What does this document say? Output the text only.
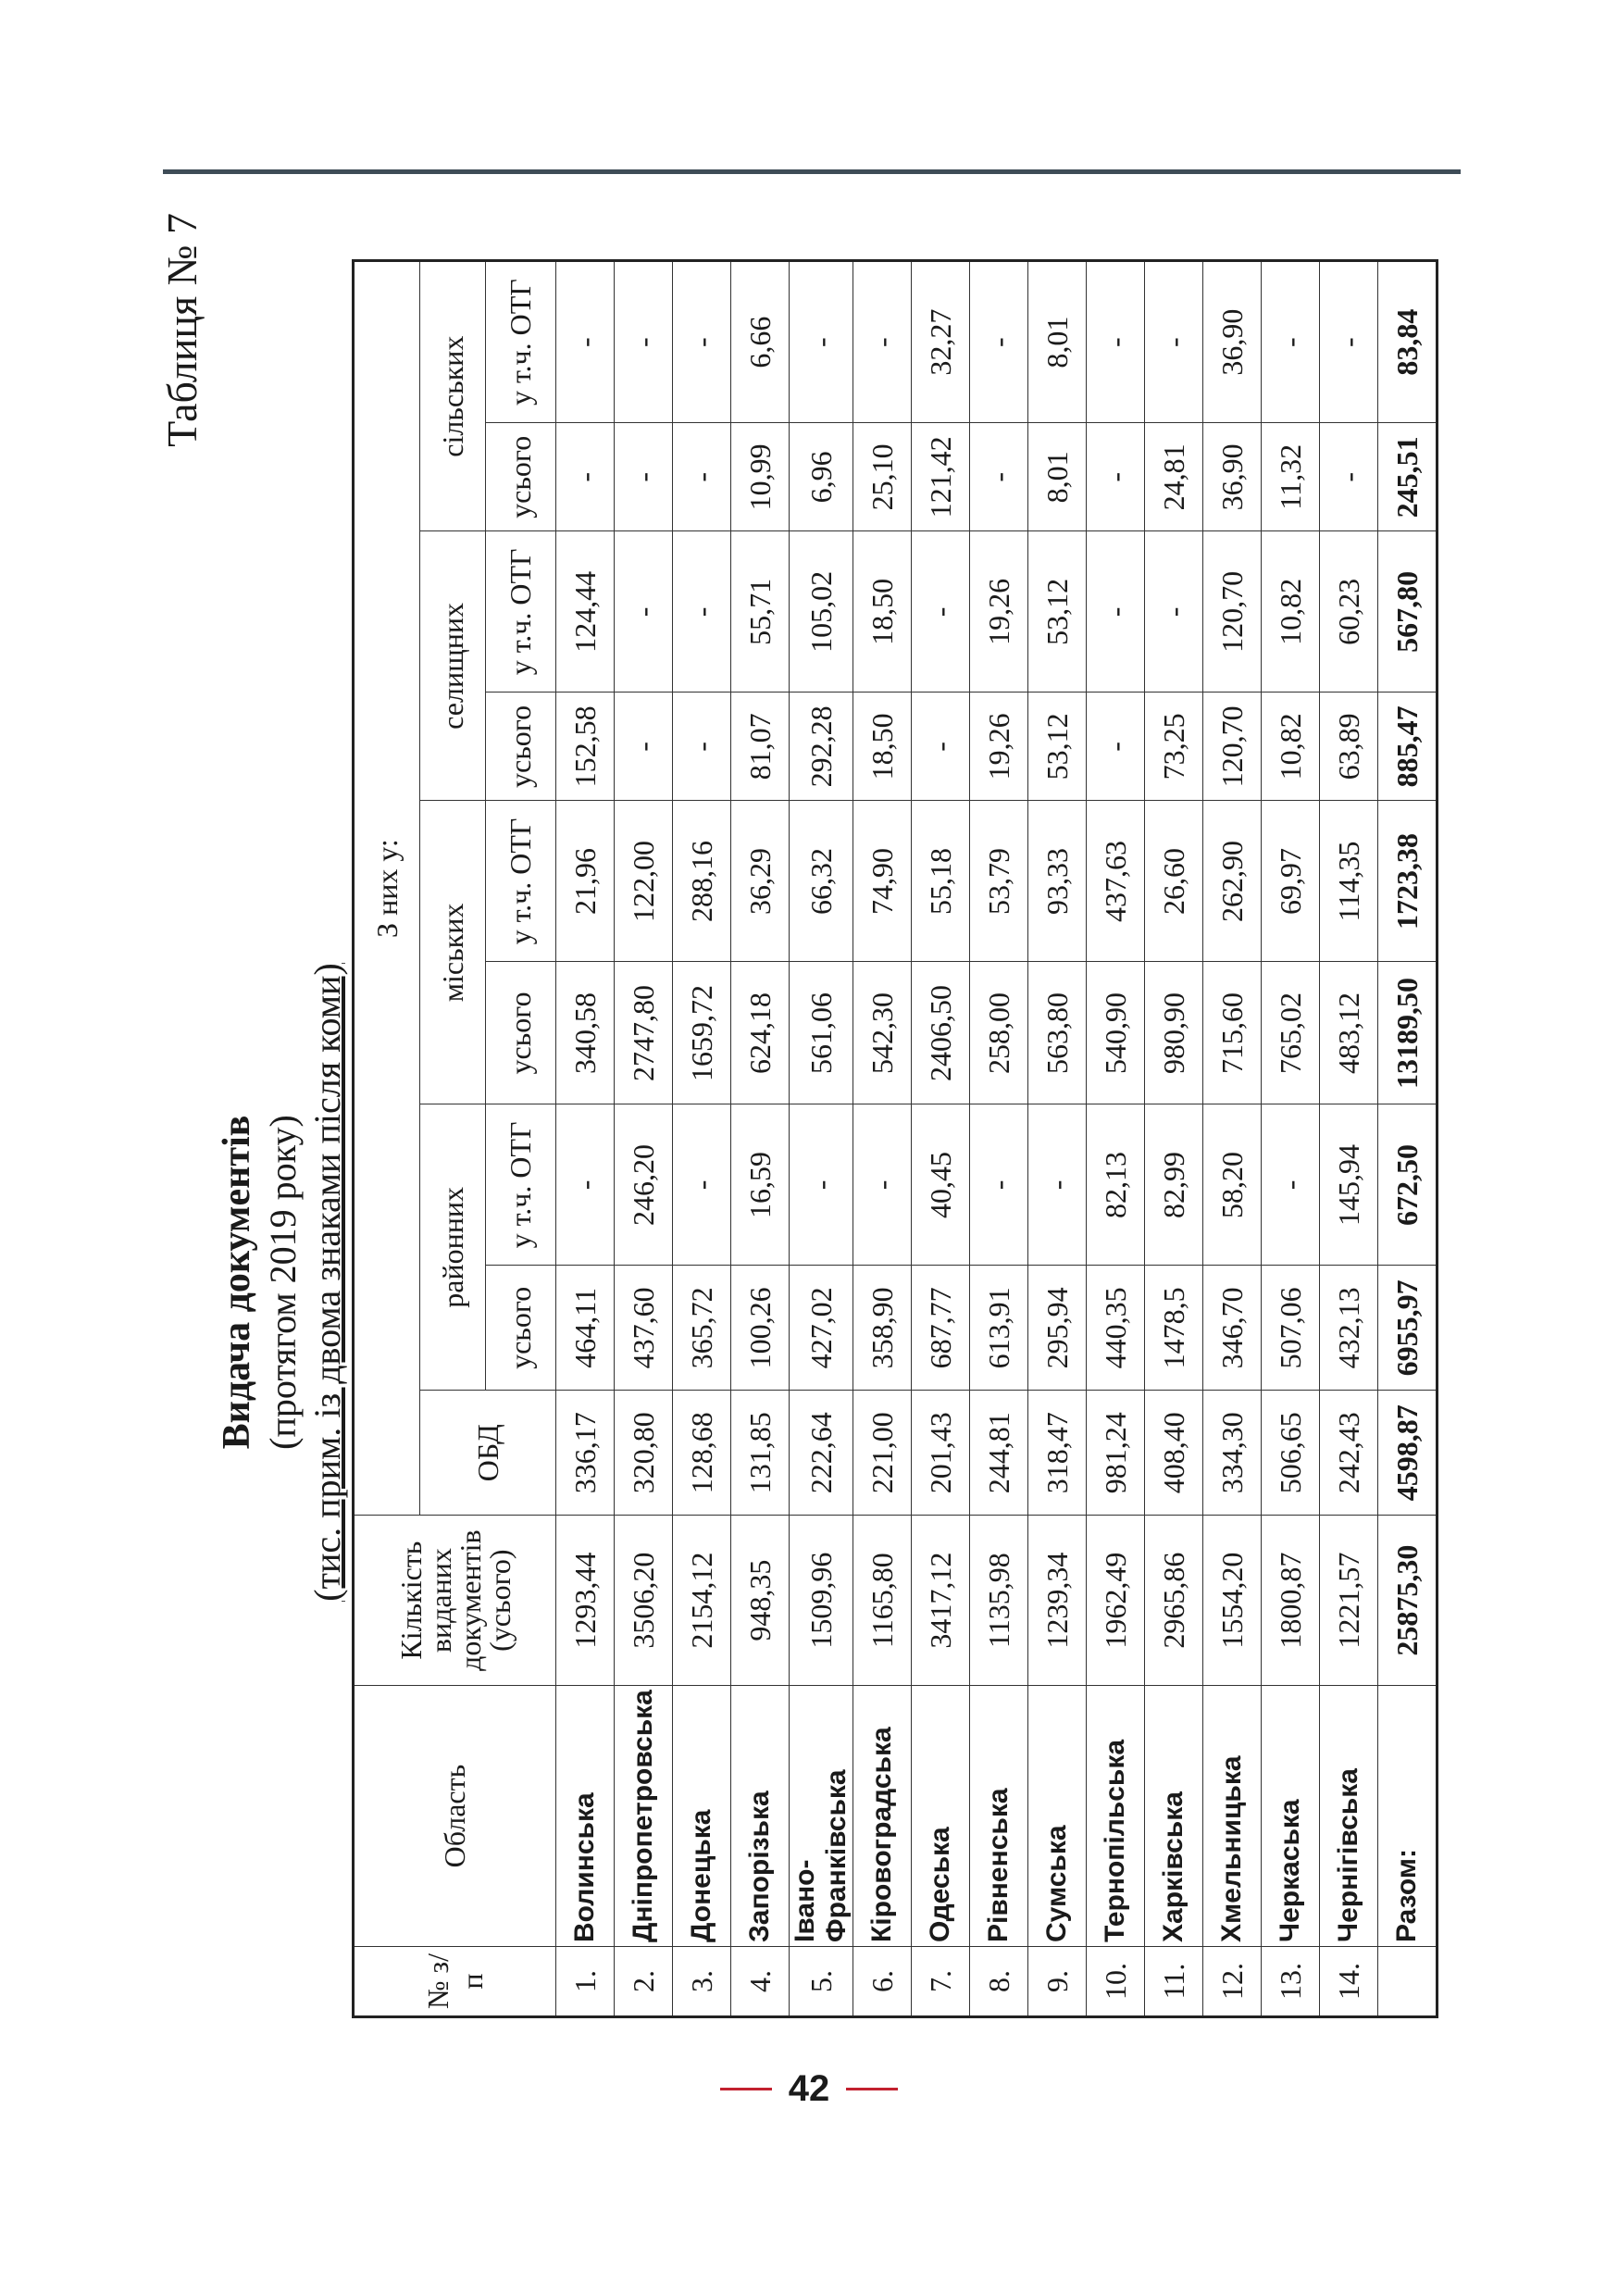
Таблиця № 7
Видача документів (протягом 2019 року) (тис. прим. із двома знаками після коми)
№ з/п	Область	Кількість виданих документів (усього)	З них у:								
			ОБД	районних		міських		селищних		сільських	
				усього	у т.ч. ОТГ	усього	у т.ч. ОТГ	усього	у т.ч. ОТГ	усього	у т.ч. ОТГ
1.	Волинська	1293,44	336,17	464,11	-	340,58	21,96	152,58	124,44	-	-
2.	Дніпропетровська	3506,20	320,80	437,60	246,20	2747,80	122,00	-	-	-	-
3.	Донецька	2154,12	128,68	365,72	-	1659,72	288,16	-	-	-	-
4.	Запорізька	948,35	131,85	100,26	16,59	624,18	36,29	81,07	55,71	10,99	6,66
5.	Івано-Франківська	1509,96	222,64	427,02	-	561,06	66,32	292,28	105,02	6,96	-
6.	Кіровоградська	1165,80	221,00	358,90	-	542,30	74,90	18,50	18,50	25,10	-
7.	Одеська	3417,12	201,43	687,77	40,45	2406,50	55,18	-	-	121,42	32,27
8.	Рівненська	1135,98	244,81	613,91	-	258,00	53,79	19,26	19,26	-	-
9.	Сумська	1239,34	318,47	295,94	-	563,80	93,33	53,12	53,12	8,01	8,01
10.	Тернопільська	1962,49	981,24	440,35	82,13	540,90	437,63	-	-	-	-
11.	Харківська	2965,86	408,40	1478,5	82,99	980,90	26,60	73,25	-	24,81	-
12.	Хмельницька	1554,20	334,30	346,70	58,20	715,60	262,90	120,70	120,70	36,90	36,90
13.	Черкаська	1800,87	506,65	507,06	-	765,02	69,97	10,82	10,82	11,32	-
14.	Чернігівська	1221,57	242,43	432,13	145,94	483,12	114,35	63,89	60,23	-	-
	Разом:	25875,30	4598,87	6955,97	672,50	13189,50	1723,38	885,47	567,80	245,51	83,84
42
